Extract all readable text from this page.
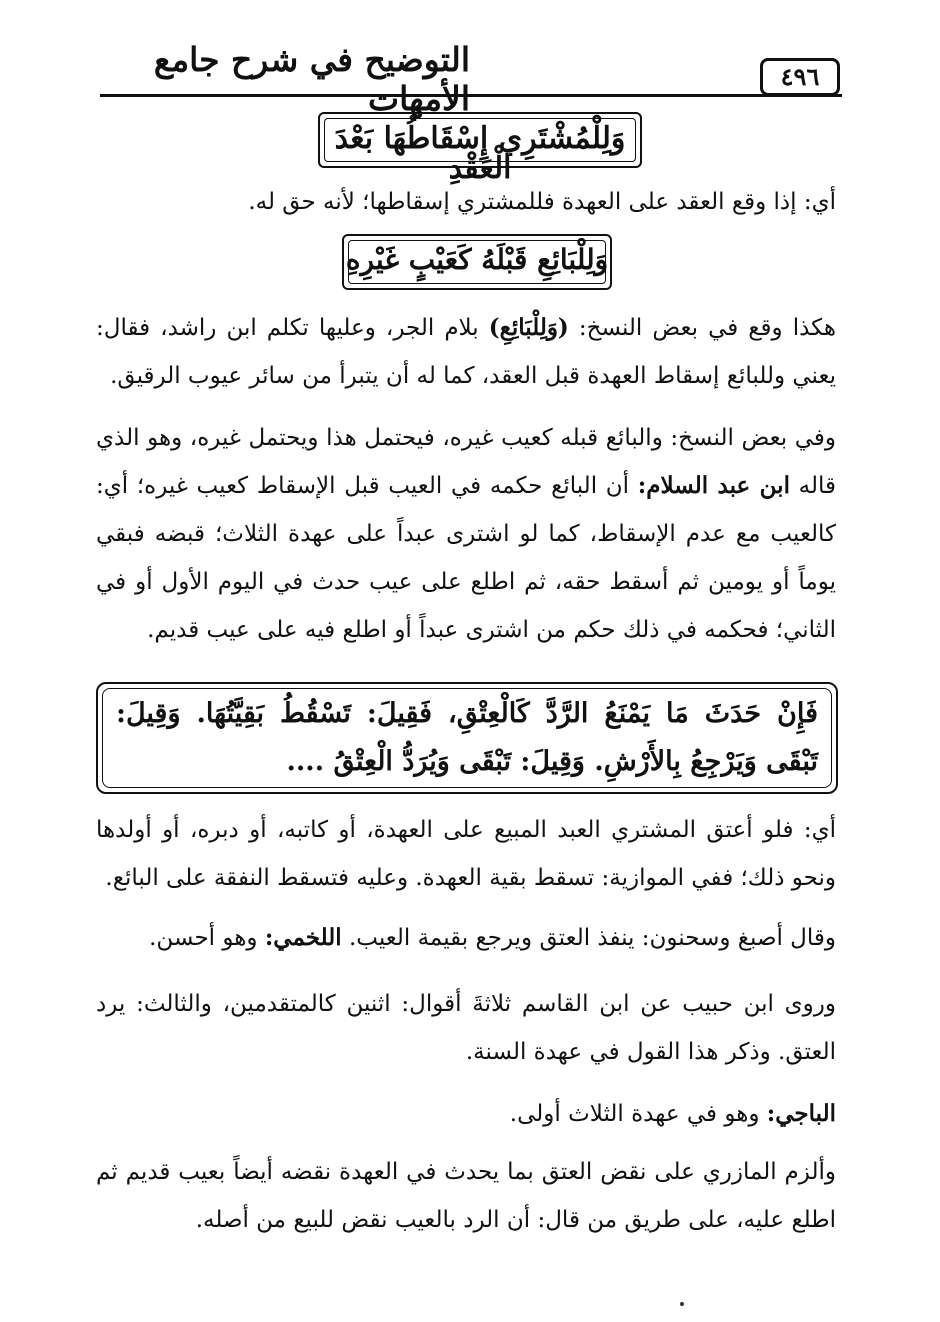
التوضيح في شرح جامع الأمهات
٤٩٦
وَلِلْمُشْتَرِي إِسْقَاطُهَا بَعْدَ الْعَقْدِ
أي: إذا وقع العقد على العهدة فللمشتري إسقاطها؛ لأنه حق له.
وَلِلْبَائِعِ قَبْلَهُ كَعَيْبٍ غَيْرِهِ
هكذا وقع في بعض النسخ: (وَلِلْبَائِعِ) بلام الجر، وعليها تكلم ابن راشد، فقال: يعني وللبائع إسقاط العهدة قبل العقد، كما له أن يتبرأ من سائر عيوب الرقيق.
وفي بعض النسخ: والبائع قبله كعيب غيره، فيحتمل هذا ويحتمل غيره، وهو الذي قاله ابن عبد السلام: أن البائع حكمه في العيب قبل الإسقاط كعيب غيره؛ أي: كالعيب مع عدم الإسقاط، كما لو اشترى عبداً على عهدة الثلاث؛ قبضه فبقي يوماً أو يومين ثم أسقط حقه، ثم اطلع على عيب حدث في اليوم الأول أو في الثاني؛ فحكمه في ذلك حكم من اشترى عبداً أو اطلع فيه على عيب قديم.
فَإِنْ حَدَثَ مَا يَمْنَعُ الرَّدَّ كَالْعِتْقِ، فَقِيلَ: تَسْقُطُ بَقِيَّتُهَا. وَقِيلَ: تَبْقَى وَيَرْجِعُ بِالأَرْشِ. وَقِيلَ: تَبْقَى وَيُرَدُّ الْعِتْقُ ....
أي: فلو أعتق المشتري العبد المبيع على العهدة، أو كاتبه، أو دبره، أو أولدها ونحو ذلك؛ ففي الموازية: تسقط بقية العهدة. وعليه فتسقط النفقة على البائع.
وقال أصبغ وسحنون: ينفذ العتق ويرجع بقيمة العيب. اللخمي: وهو أحسن.
وروى ابن حبيب عن ابن القاسم ثلاثةَ أقوال: اثنين كالمتقدمين، والثالث: يرد العتق. وذكر هذا القول في عهدة السنة.
الباجي: وهو في عهدة الثلاث أولى.
وألزم المازري على نقض العتق بما يحدث في العهدة نقضه أيضاً بعيب قديم ثم اطلع عليه، على طريق من قال: أن الرد بالعيب نقض للبيع من أصله.
